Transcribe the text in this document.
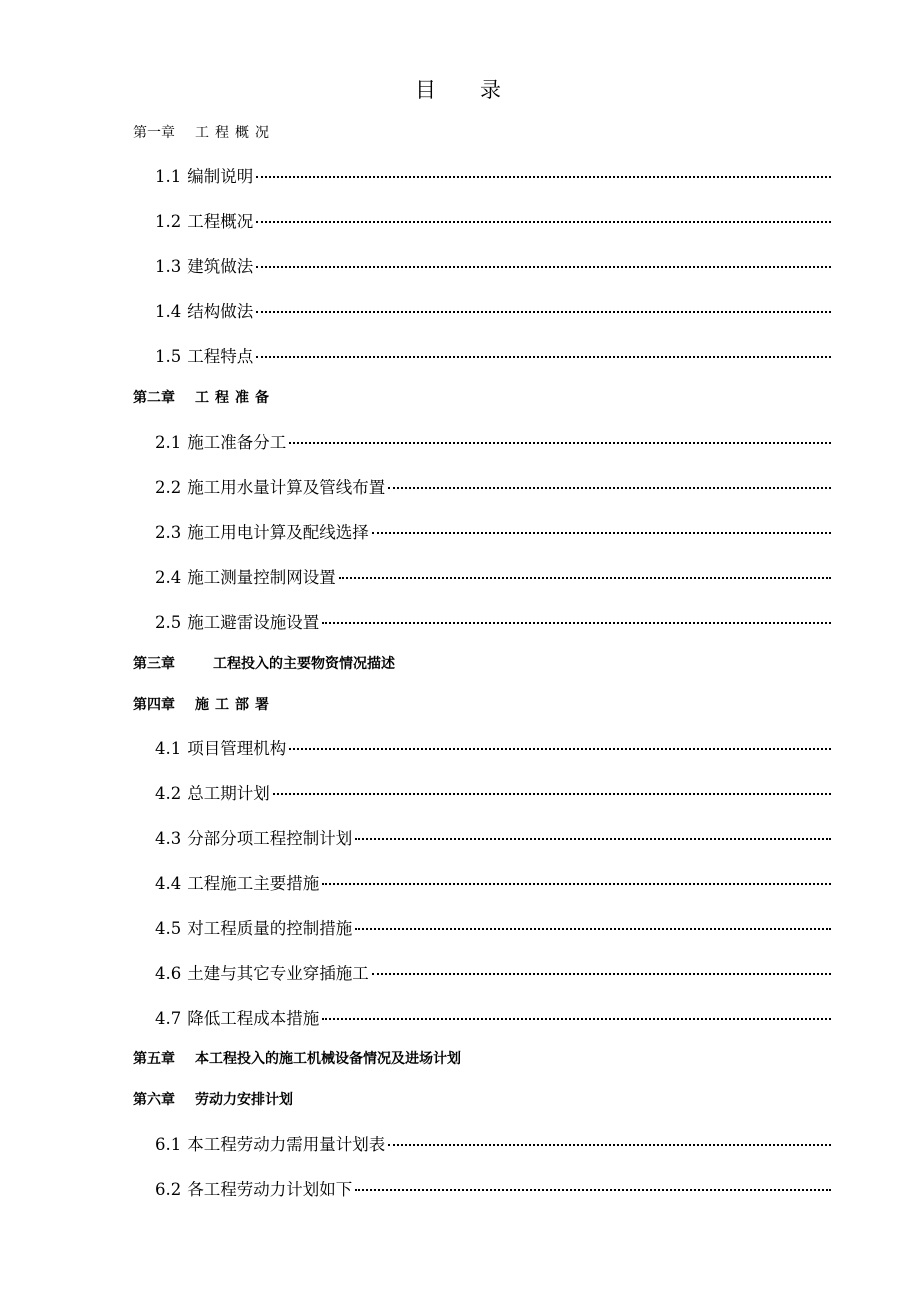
目录
第一章 工程概况
1.1 编制说明
1.2 工程概况
1.3 建筑做法
1.4 结构做法
1.5 工程特点
第二章 工程准备
2.1 施工准备分工
2.2 施工用水量计算及管线布置
2.3 施工用电计算及配线选择
2.4 施工测量控制网设置
2.5 施工避雷设施设置
第三章	工程投入的主要物资情况描述
第四章 施工部署
4.1 项目管理机构
4.2 总工期计划
4.3 分部分项工程控制计划
4.4 工程施工主要措施
4.5 对工程质量的控制措施
4.6 土建与其它专业穿插施工
4.7 降低工程成本措施
第五章 本工程投入的施工机械设备情况及进场计划
第六章 劳动力安排计划
6.1 本工程劳动力需用量计划表
6.2 各工程劳动力计划如下
